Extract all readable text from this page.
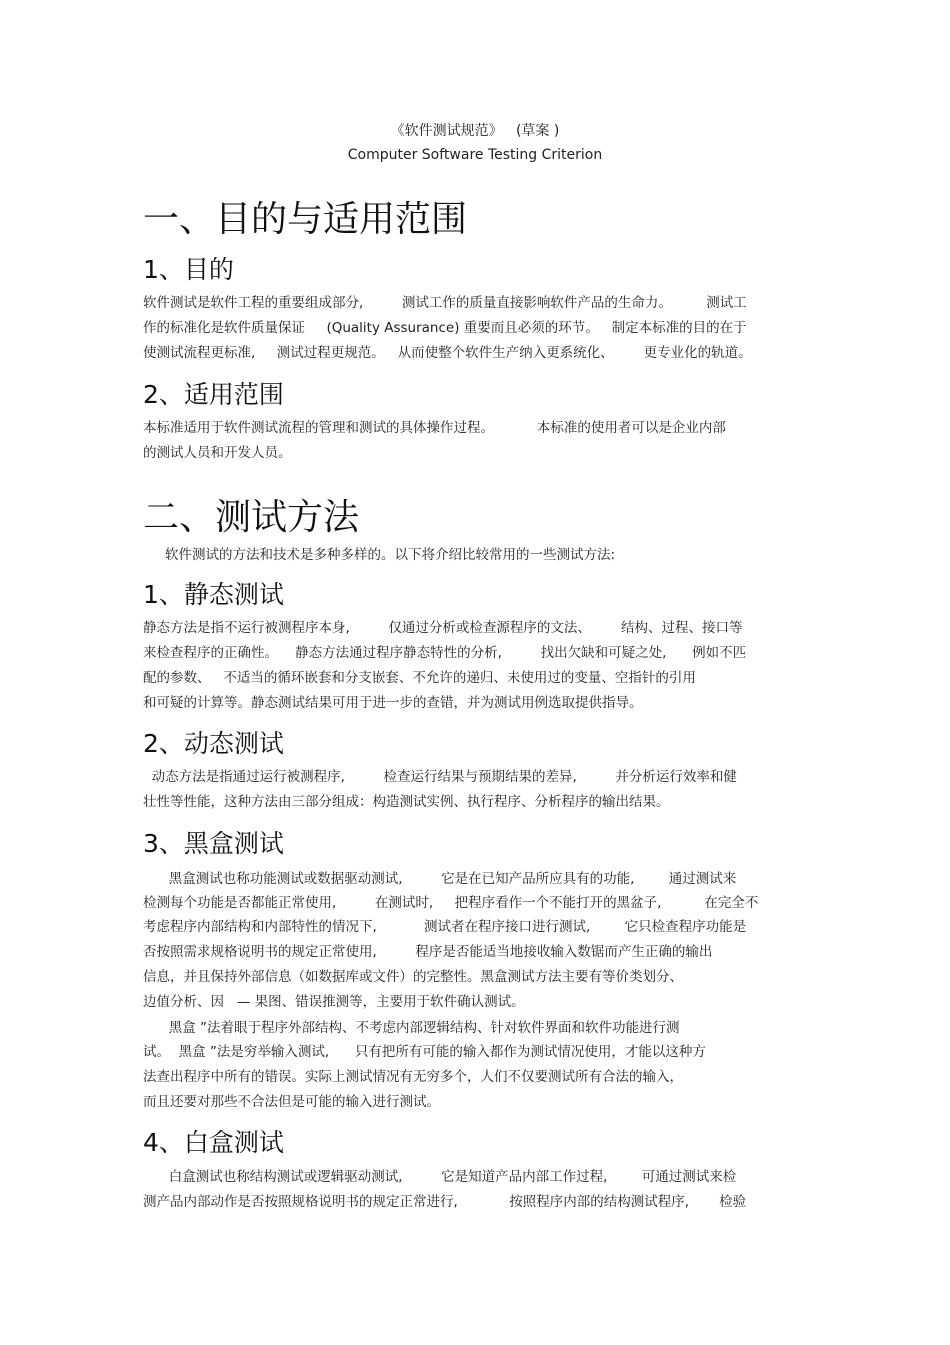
《软件测试规范》   (草案 )
Computer Software Testing Criterion
一、目的与适用范围
1、目的
软件测试是软件工程的重要组成部分,         测试工作的质量直接影响软件产品的生命力。        测试工
作的标准化是软件质量保证     (Quality Assurance) 重要而且必须的环节。   制定本标准的目的在于
使测试流程更标准,     测试过程更规范。   从而使整个软件生产纳入更系统化、       更专业化的轨道。
2、适用范围
本标准适用于软件测试流程的管理和测试的具体操作过程。          本标准的使用者可以是企业内部
的测试人员和开发人员。
二、测试方法
软件测试的方法和技术是多种多样的。以下将介绍比较常用的一些测试方法:
1、静态测试
静态方法是指不运行被测程序本身,         仅通过分析或检查源程序的文法、       结构、过程、接口等
来检查程序的正确性。    静态方法通过程序静态特性的分析,         找出欠缺和可疑之处,      例如不匹
配的参数、   不适当的循环嵌套和分支嵌套、不允许的递归、未使用过的变量、空指针的引用
和可疑的计算等。静态测试结果可用于进一步的查错，并为测试用例选取提供指导。
2、动态测试
动态方法是指通过运行被测程序,         检查运行结果与预期结果的差异,         并分析运行效率和健
壮性等性能，这种方法由三部分组成：构造测试实例、执行程序、分析程序的输出结果。
3、黑盒测试
黑盒测试也称功能测试或数据驱动测试,         它是在已知产品所应具有的功能,        通过测试来
检测每个功能是否都能正常使用,         在测试时,     把程序看作一个不能打开的黑盆子,          在完全不
考虑程序内部结构和内部特性的情况下,           测试者在程序接口进行测试,        它只检查程序功能是
否按照需求规格说明书的规定正常使用,         程序是否能适当地接收输入数锯而产生正确的输出
信息，并且保持外部信息（如数据库或文件）的完整性。黑盒测试方法主要有等价类划分、
边值分析、因   — 果图、错误推测等，主要用于软件确认测试。
黑盒 ”法着眼于程序外部结构、不考虑内部逻辑结构、针对软件界面和软件功能进行测
试。  黑盒 ”法是穷举输入测试,      只有把所有可能的输入都作为测试情况使用，才能以这种方
法查出程序中所有的错误。实际上测试情况有无穷多个，人们不仅要测试所有合法的输入，
而且还要对那些不合法但是可能的输入进行测试。
4、白盒测试
白盒测试也称结构测试或逻辑驱动测试,         它是知道产品内部工作过程,        可通过测试来检
测产品内部动作是否按照规格说明书的规定正常进行,            按照程序内部的结构测试程序,       检验
